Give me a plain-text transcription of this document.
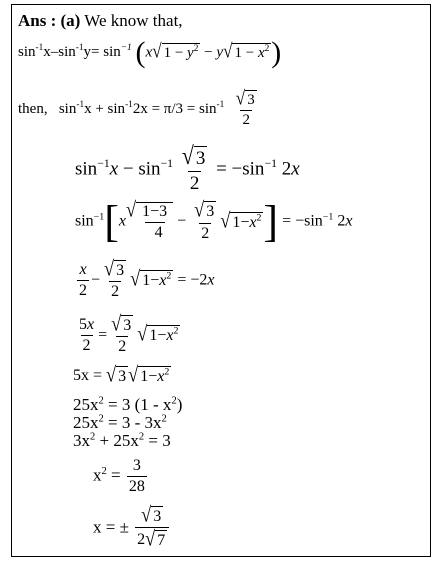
Ans : (a) We know that,
$\sin^{-1}x-\sin^{-1}y= \sin^{-1} (x$ √ $1 - y^2 - y$ √ $1 - x^2$ )
then,   $\sin^{-1}x + \sin^{-1}2x = \pi/3 = \sin^{-1} \frac{√ 3}{2}$
$\sin^{-1}x - \sin^{-1} \frac{√ 3}{2} = -\sin^{-1}$ 2x
$\sin^{-1}[x$
√ $\frac{1-3}{4} - \frac{√ 3}{2}$ √ $1-x^2$ ] = $-\sin^{-1}$ 2x
$\frac{x}{2} - \frac{√ 3}{2}$ √ $1-x^2 = -2x$
$\frac{5x}{2} = \frac{√ 3}{2}$ √ $1-x^2$
5x = √ 3 √ $1-x^2$
$25x^2 = 3$ $(1 - x^2)$
$25x^2 = 3 - 3x^2$
$3x^2 + 25x^2 = 3$
$x^2 = \frac{3}{28}$
x = ± $\frac{√ 3}{2 √ 7}$
